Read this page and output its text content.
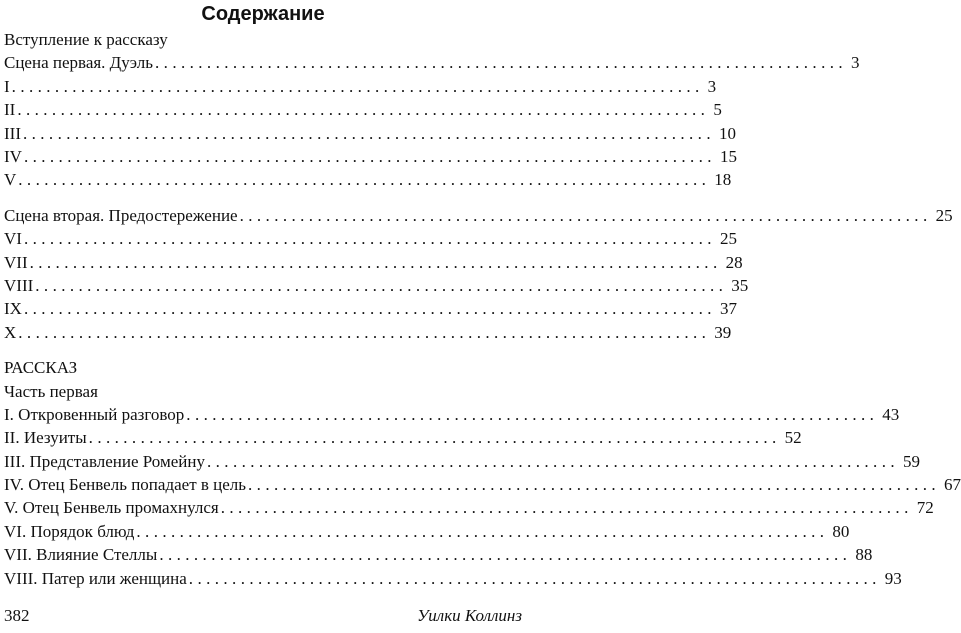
Содержание
Вступление к рассказу
Сцена первая. Дуэль ................................................................................ 3
I ................................................................................ 3
II ................................................................................ 5
III ................................................................................ 10
IV ................................................................................ 15
V ................................................................................ 18
Сцена вторая. Предостережение ................................................................................ 25
VI ................................................................................ 25
VII ................................................................................ 28
VIII ................................................................................ 35
IX ................................................................................ 37
X ................................................................................ 39
РАССКАЗ
Часть первая
I. Откровенный разговор ................................................................................ 43
II. Иезуиты ................................................................................ 52
III. Представление Ромейну ................................................................................ 59
IV. Отец Бенвель попадает в цель ................................................................................ 67
V. Отец Бенвель промахнулся ................................................................................ 72
VI. Порядок блюд ................................................................................ 80
VII. Влияние Стеллы ................................................................................ 88
VIII. Патер или женщина ................................................................................ 93
382	Уилки Коллинз
